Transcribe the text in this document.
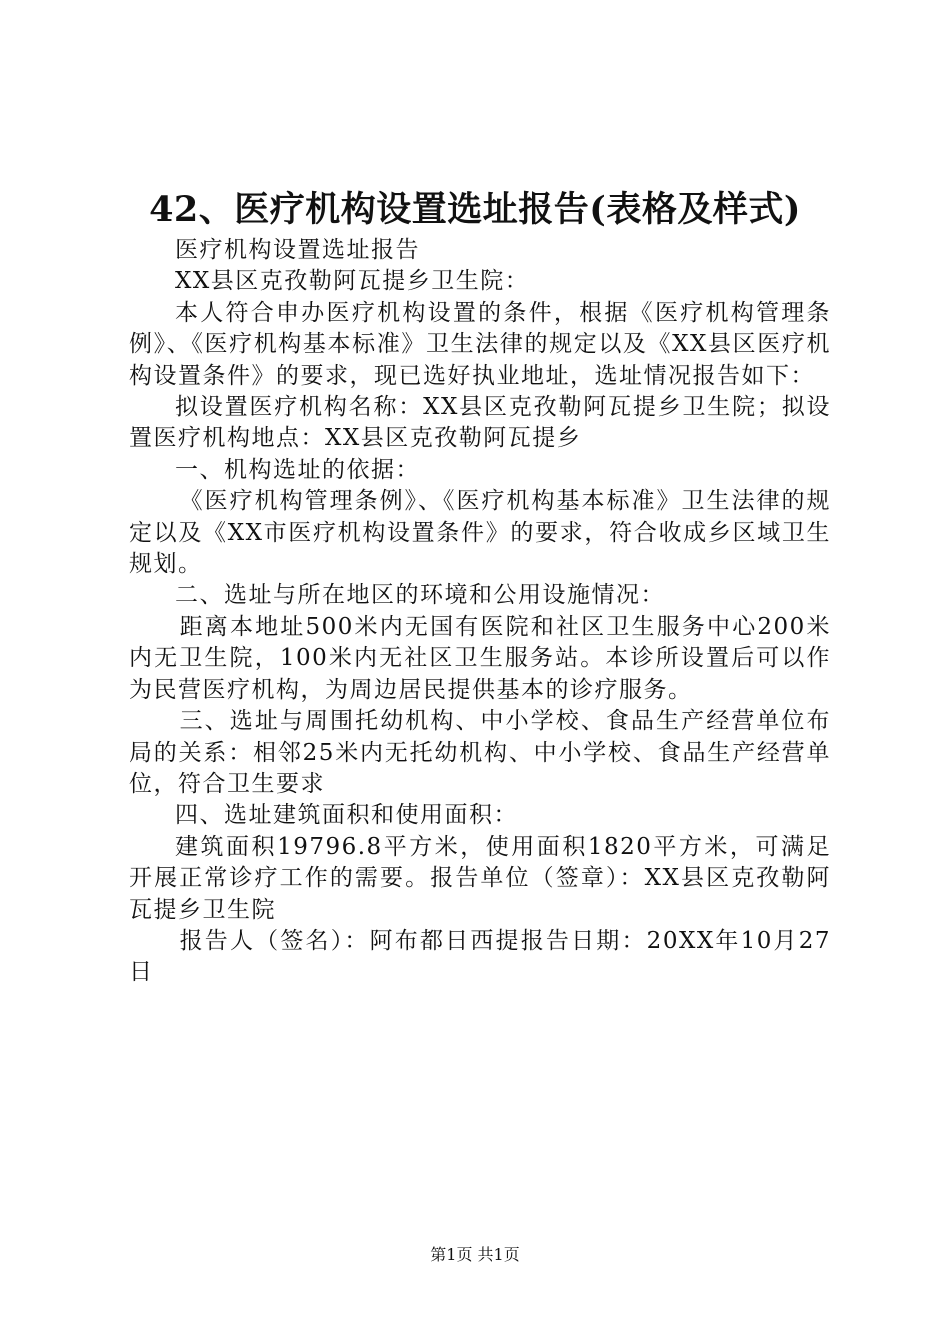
42、医疗机构设置选址报告(表格及样式)

医疗机构设置选址报告

XX县区克孜勒阿瓦提乡卫生院：

本人符合申办医疗机构设置的条件，根据《医疗机构管理条例》、《医疗机构基本标准》卫生法律的规定以及《XX县区医疗机构设置条件》的要求，现已选好执业地址，选址情况报告如下：

拟设置医疗机构名称：XX县区克孜勒阿瓦提乡卫生院；拟设置医疗机构地点：XX县区克孜勒阿瓦提乡

一、机构选址的依据：

《医疗机构管理条例》、《医疗机构基本标准》卫生法律的规定以及《XX市医疗机构设置条件》的要求，符合收成乡区域卫生规划。

二、选址与所在地区的环境和公用设施情况：

距离本地址500米内无国有医院和社区卫生服务中心200米内无卫生院，100米内无社区卫生服务站。本诊所设置后可以作为民营医疗机构，为周边居民提供基本的诊疗服务。

三、选址与周围托幼机构、中小学校、食品生产经营单位布局的关系：相邻25米内无托幼机构、中小学校、食品生产经营单位，符合卫生要求

四、选址建筑面积和使用面积：

建筑面积19796.8平方米，使用面积1820平方米，可满足开展正常诊疗工作的需要。报告单位（签章）：XX县区克孜勒阿瓦提乡卫生院

报告人（签名）：阿布都日西提报告日期：20XX年10月27日

第1页 共1页
